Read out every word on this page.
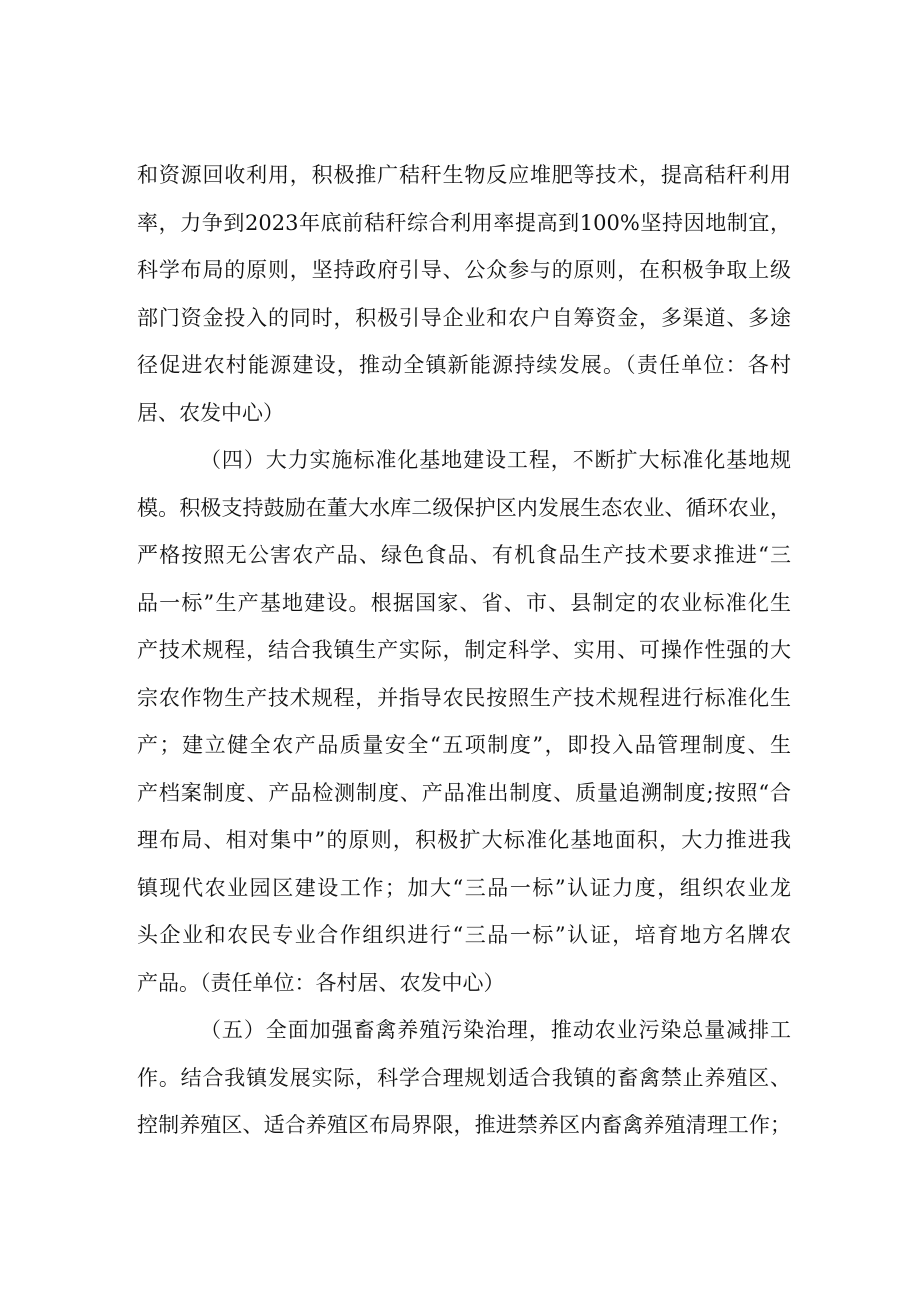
和资源回收利用，积极推广秸秆生物反应堆肥等技术，提高秸秆利用
率，力争到2023年底前秸秆综合利用率提高到100%坚持因地制宜，
科学布局的原则，坚持政府引导、公众参与的原则，在积极争取上级
部门资金投入的同时，积极引导企业和农户自筹资金，多渠道、多途
径促进农村能源建设，推动全镇新能源持续发展。（责任单位：各村
居、农发中心）
（四）大力实施标准化基地建设工程，不断扩大标准化基地规
模。积极支持鼓励在董大水库二级保护区内发展生态农业、循环农业，
严格按照无公害农产品、绿色食品、有机食品生产技术要求推进“三
品一标”生产基地建设。根据国家、省、市、县制定的农业标准化生
产技术规程，结合我镇生产实际，制定科学、实用、可操作性强的大
宗农作物生产技术规程，并指导农民按照生产技术规程进行标准化生
产；建立健全农产品质量安全“五项制度”，即投入品管理制度、生
产档案制度、产品检测制度、产品准出制度、质量追溯制度;按照“合
理布局、相对集中”的原则，积极扩大标准化基地面积，大力推进我
镇现代农业园区建设工作；加大“三品一标”认证力度，组织农业龙
头企业和农民专业合作组织进行“三品一标”认证，培育地方名牌农
产品。（责任单位：各村居、农发中心）
（五）全面加强畜禽养殖污染治理，推动农业污染总量减排工
作。结合我镇发展实际，科学合理规划适合我镇的畜禽禁止养殖区、
控制养殖区、适合养殖区布局界限，推进禁养区内畜禽养殖清理工作；
